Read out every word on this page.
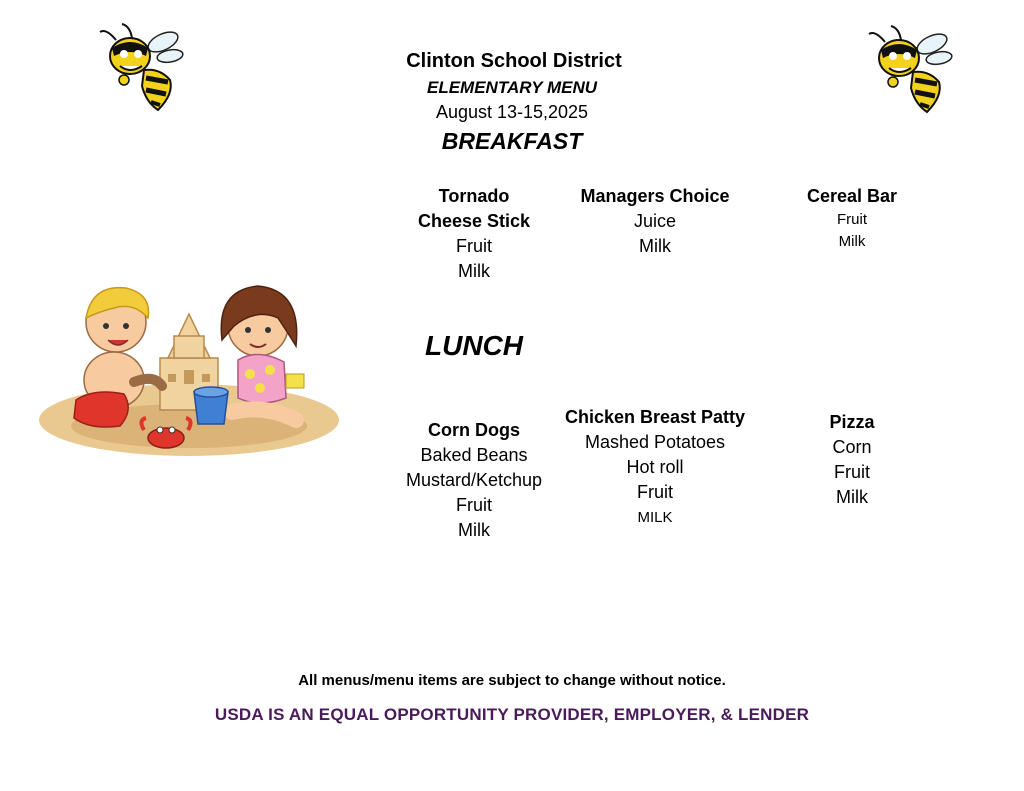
Clinton School District
ELEMENTARY MENU
August 13-15,2025
BREAKFAST
Tornado
Cheese Stick
Fruit
Milk
Managers Choice
Juice
Milk
Cereal Bar
Fruit
Milk
LUNCH
Corn Dogs
Baked Beans
Mustard/Ketchup
Fruit
Milk
Chicken Breast Patty
Mashed Potatoes
Hot roll
Fruit
MILK
Pizza
Corn
Fruit
Milk
All menus/menu items are subject to change without notice.
USDA IS AN EQUAL OPPORTUNITY PROVIDER, EMPLOYER, & LENDER
